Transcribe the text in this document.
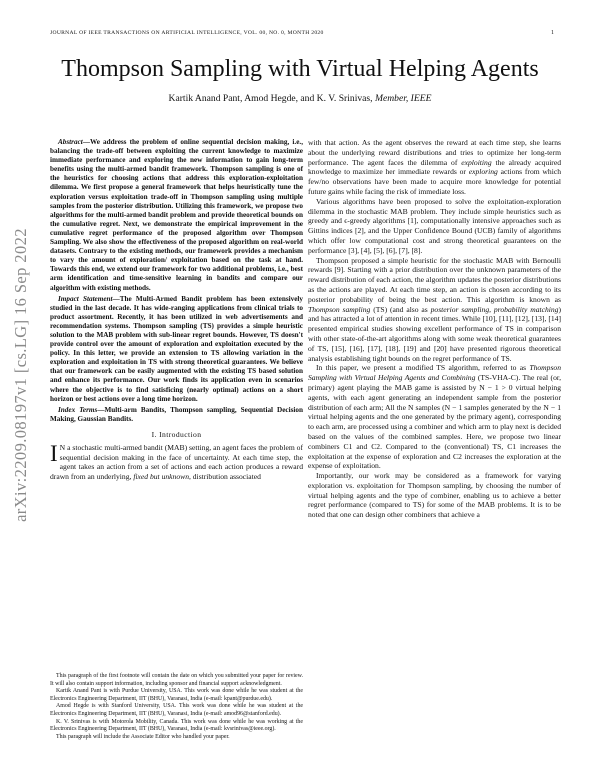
JOURNAL OF IEEE TRANSACTIONS ON ARTIFICIAL INTELLIGENCE, VOL. 00, NO. 0, MONTH 2020	1
arXiv:2209.08197v1 [cs.LG] 16 Sep 2022
Thompson Sampling with Virtual Helping Agents
Kartik Anand Pant, Amod Hegde, and K. V. Srinivas, Member, IEEE

Abstract—We address the problem of online sequential decision making, i.e., balancing the trade-off between exploiting the current knowledge to maximize immediate performance and exploring the new information to gain long-term benefits using the multi-armed bandit framework. Thompson sampling is one of the heuristics for choosing actions that address this exploration-exploitation dilemma. We first propose a general framework that helps heuristically tune the exploration versus exploitation trade-off in Thompson sampling using multiple samples from the posterior distribution. Utilizing this framework, we propose two algorithms for the multi-armed bandit problem and provide theoretical bounds on the cumulative regret. Next, we demonstrate the empirical improvement in the cumulative regret performance of the proposed algorithm over Thompson Sampling. We also show the effectiveness of the proposed algorithm on real-world datasets. Contrary to the existing methods, our framework provides a mechanism to vary the amount of exploration/ exploitation based on the task at hand. Towards this end, we extend our framework for two additional problems, i.e., best arm identification and time-sensitive learning in bandits and compare our algorithm with existing methods.

Impact Statement—The Multi-Armed Bandit problem has been extensively studied in the last decade. It has wide-ranging applications from clinical trials to product assortment. Recently, it has been utilized in web advertisements and recommendation systems. Thompson sampling (TS) provides a simple heuristic solution to the MAB problem with sub-linear regret bounds. However, TS doesn't provide control over the amount of exploration and exploitation executed by the policy. In this letter, we provide an extension to TS allowing variation in the exploration and exploitation in TS with strong theoretical guarantees. We believe that our framework can be easily augmented with the existing TS based solution and enhance its performance. Our work finds its application even in scenarios where the objective is to find satisficing (nearly optimal) actions on a short horizon or best actions over a long time horizon.

Index Terms—Multi-arm Bandits, Thompson sampling, Sequential Decision Making, Gaussian Bandits.

I. Introduction

I N a stochastic multi-armed bandit (MAB) setting, an agent faces the problem of sequential decision making in the face of uncertainty. At each time step, the agent takes an action from a set of actions and each action produces a reward drawn from an underlying, fixed but unknown, distribution associated

This paragraph of the first footnote will contain the date on which you submitted your paper for review. It will also contain support information, including sponsor and financial support acknowledgment.

Kartik Anand Pant is with Purdue University, USA. This work was done while he was student at the Electronics Engineering Department, IIT (BHU), Varanasi, India (e-mail: kpant@purdue.edu).

Amod Hegde is with Stanford University, USA. This work was done while he was student at the Electronics Engineering Department, IIT (BHU), Varanasi, India (e-mail: amod96@stanford.edu).

K. V. Srinivas is with Motorola Mobility, Canada. This work was done while he was working at the Electronics Engineering Department, IIT (BHU), Varanasi, India (e-mail: kvsrinivas@ieee.org).

This paragraph will include the Associate Editor who handled your paper.

with that action. As the agent observes the reward at each time step, she learns about the underlying reward distributions and tries to optimize her long-term performance. The agent faces the dilemma of exploiting the already acquired knowledge to maximize her immediate rewards or exploring actions from which few/no observations have been made to acquire more knowledge for potential future gains while facing the risk of immediate loss.

Various algorithms have been proposed to solve the exploitation-exploration dilemma in the stochastic MAB problem. They include simple heuristics such as greedy and ϵ-greedy algorithms [1], computationally intensive approaches such as Gittins indices [2], and the Upper Confidence Bound (UCB) family of algorithms which offer low computational cost and strong theoretical guarantees on the performance [3], [4], [5], [6], [7], [8].

Thompson proposed a simple heuristic for the stochastic MAB with Bernoulli rewards [9]. Starting with a prior distribution over the unknown parameters of the reward distribution of each action, the algorithm updates the posterior distributions as the actions are played. At each time step, an action is chosen according to its posterior probability of being the best action. This algorithm is known as Thompson sampling (TS) (and also as posterior sampling, probability matching) and has attracted a lot of attention in recent times. While [10], [11], [12], [13], [14] presented empirical studies showing excellent performance of TS in comparison with other state-of-the-art algorithms along with some weak theoretical guarantees of TS, [15], [16], [17], [18], [19] and [20] have presented rigorous theoretical analysis establishing tight bounds on the regret performance of TS.

In this paper, we present a modified TS algorithm, referred to as Thompson Sampling with Virtual Helping Agents and Combining (TS-VHA-C). The real (or, primary) agent playing the MAB game is assisted by N − 1 > 0 virtual helping agents, with each agent generating an independent sample from the posterior distribution of each arm; All the N samples (N − 1 samples generated by the N − 1 virtual helping agents and the one generated by the primary agent), corresponding to each arm, are processed using a combiner and which arm to play next is decided based on the values of the combined samples. Here, we propose two linear combiners C1 and C2. Compared to the (conventional) TS, C1 increases the exploitation at the expense of exploration and C2 increases the exploration at the expense of exploitation.

Importantly, our work may be considered as a framework for varying exploration vs. exploitation for Thompson sampling, by choosing the number of virtual helping agents and the type of combiner, enabling us to achieve a better regret performance (compared to TS) for some of the MAB problems. It is to be noted that one can design other combiners that achieve a
